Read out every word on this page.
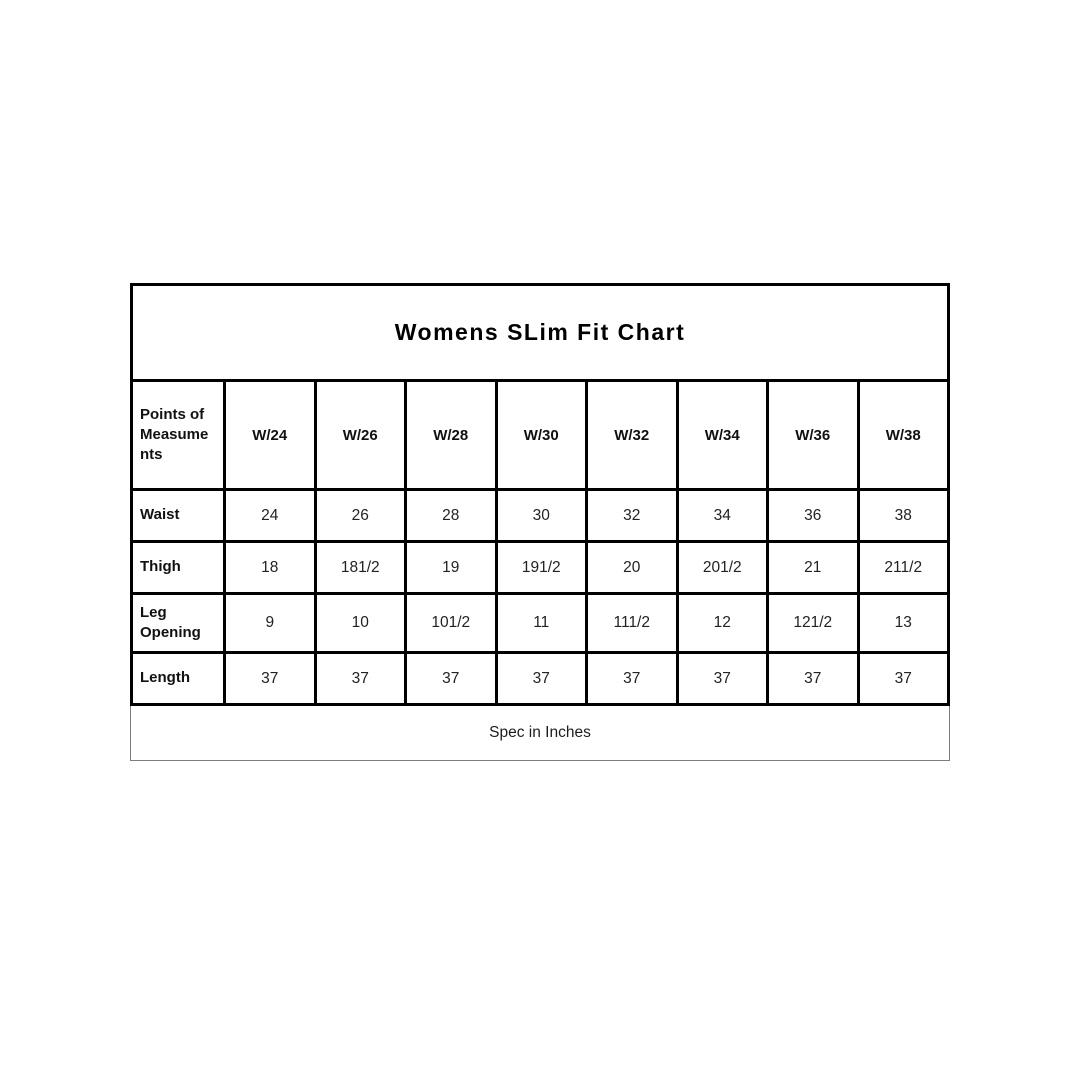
Womens SLim Fit Chart								
Points of Measuments	W/24	W/26	W/28	W/30	W/32	W/34	W/36	W/38
Waist	24	26	28	30	32	34	36	38
Thigh	18	181/2	19	191/2	20	201/2	21	211/2
Leg Opening	9	10	101/2	11	111/2	12	121/2	13
Length	37	37	37	37	37	37	37	37
Spec in Inches
